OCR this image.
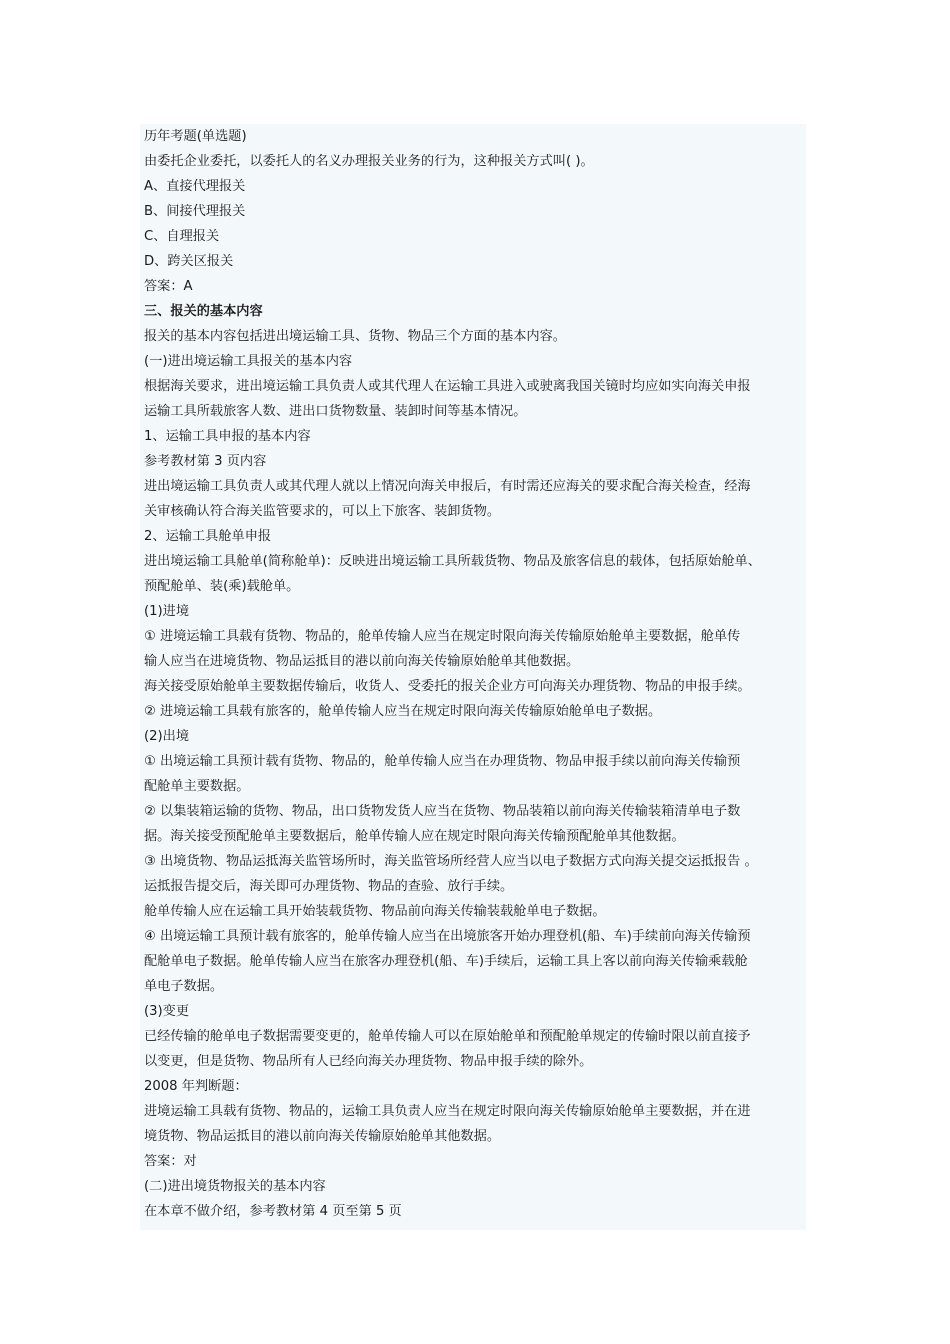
历年考题(单选题)
由委托企业委托，以委托人的名义办理报关业务的行为，这种报关方式叫( )。
A、直接代理报关
B、间接代理报关
C、自理报关
D、跨关区报关
答案：A
三、报关的基本内容
报关的基本内容包括进出境运输工具、货物、物品三个方面的基本内容。
(一)进出境运输工具报关的基本内容
根据海关要求，进出境运输工具负责人或其代理人在运输工具进入或驶离我国关镜时均应如实向海关申报
运输工具所载旅客人数、进出口货物数量、装卸时间等基本情况。
1、运输工具申报的基本内容
参考教材第 3 页内容
进出境运输工具负责人或其代理人就以上情况向海关申报后，有时需还应海关的要求配合海关检查，经海
关审核确认符合海关监管要求的，可以上下旅客、装卸货物。
2、运输工具舱单申报
进出境运输工具舱单(简称舱单)：反映进出境运输工具所载货物、物品及旅客信息的载体，包括原始舱单、
预配舱单、装(乘)载舱单。
(1)进境
① 进境运输工具载有货物、物品的，舱单传输人应当在规定时限向海关传输原始舱单主要数据，舱单传
输人应当在进境货物、物品运抵目的港以前向海关传输原始舱单其他数据。
海关接受原始舱单主要数据传输后，收货人、受委托的报关企业方可向海关办理货物、物品的申报手续。
② 进境运输工具载有旅客的，舱单传输人应当在规定时限向海关传输原始舱单电子数据。
(2)出境
① 出境运输工具预计载有货物、物品的，舱单传输人应当在办理货物、物品申报手续以前向海关传输预
配舱单主要数据。
② 以集装箱运输的货物、物品，出口货物发货人应当在货物、物品装箱以前向海关传输装箱清单电子数
据。海关接受预配舱单主要数据后，舱单传输人应在规定时限向海关传输预配舱单其他数据。
③ 出境货物、物品运抵海关监管场所时，海关监管场所经营人应当以电子数据方式向海关提交运抵报告 。
运抵报告提交后，海关即可办理货物、物品的查验、放行手续。
舱单传输人应在运输工具开始装载货物、物品前向海关传输装载舱单电子数据。
④ 出境运输工具预计载有旅客的，舱单传输人应当在出境旅客开始办理登机(船、车)手续前向海关传输预
配舱单电子数据。舱单传输人应当在旅客办理登机(船、车)手续后，运输工具上客以前向海关传输乘载舱
单电子数据。
(3)变更
已经传输的舱单电子数据需要变更的，舱单传输人可以在原始舱单和预配舱单规定的传输时限以前直接予
以变更，但是货物、物品所有人已经向海关办理货物、物品申报手续的除外。
2008 年判断题：
进境运输工具载有货物、物品的，运输工具负责人应当在规定时限向海关传输原始舱单主要数据，并在进
境货物、物品运抵目的港以前向海关传输原始舱单其他数据。
答案：对
(二)进出境货物报关的基本内容
在本章不做介绍，参考教材第 4 页至第 5 页
